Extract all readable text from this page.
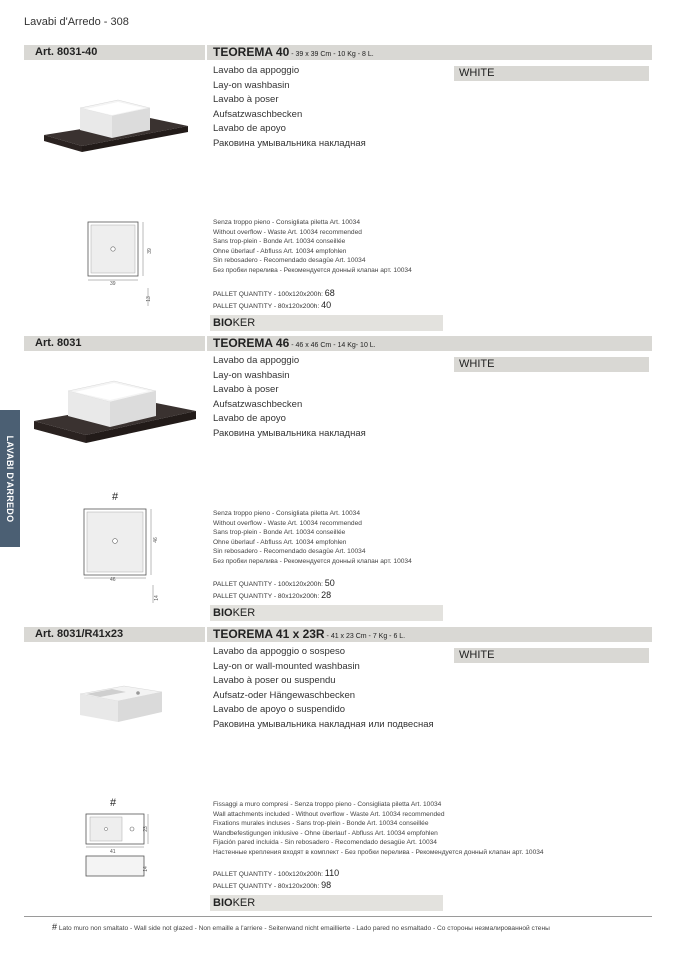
Lavabi d'Arredo - 308
LAVABI D'ARREDO
Art. 8031-40	TEOREMA 40 - 39 x 39 Cm - 10 Kg - 8 L.
WHITE
Lavabo da appoggio
Lay-on washbasin
Lavabo à poser
Aufsatzwaschbecken
Lavabo de apoyo
Раковина умывальника накладная
39
39
13
Senza troppo pieno - Consigliata piletta Art. 10034
Without overflow - Waste Art. 10034 recommended
Sans trop-plein - Bonde Art. 10034 conseillée
Ohne überlauf - Abfluss Art. 10034 empfohlen
Sin rebosadero - Recomendado desagüe Art. 10034
Без пробки перелива - Рекомендуется донный клапан арт. 10034
PALLET QUANTITY - 100x120x200h: 68
PALLET QUANTITY - 80x120x200h: 40
BIOKER
Art. 8031	TEOREMA 46 - 46 x 46 Cm - 14 Kg- 10 L.
WHITE
Lavabo da appoggio
Lay-on washbasin
Lavabo à poser
Aufsatzwaschbecken
Lavabo de apoyo
Раковина умывальника накладная
#
46
46
14
Senza troppo pieno - Consigliata piletta Art. 10034
Without overflow - Waste Art. 10034 recommended
Sans trop-plein - Bonde Art. 10034 conseillée
Ohne überlauf - Abfluss Art. 10034 empfohlen
Sin rebosadero - Recomendado desagüe Art. 10034
Без пробки перелива - Рекомендуется донный клапан арт. 10034
PALLET QUANTITY - 100x120x200h: 50
PALLET QUANTITY - 80x120x200h: 28
BIOKER
Art. 8031/R41x23	TEOREMA 41 x 23R - 41 x 23 Cm - 7 Kg - 6 L.
WHITE
Lavabo da appoggio o sospeso
Lay-on or wall-mounted washbasin
Lavabo à poser ou suspendu
Aufsatz-oder Hängewaschbecken
Lavabo de apoyo o suspendido
Раковина умывальника накладная или подвесная
#
41
23
14
Fissaggi a muro compresi - Senza troppo pieno - Consigliata piletta Art. 10034
Wall attachments included - Without overflow - Waste Art. 10034 recommended
Fixations murales incluses - Sans trop-plein - Bonde Art. 10034 conseillée
Wandbefestigungen inklusive - Ohne überlauf - Abfluss Art. 10034 empfohlen
Fijación pared incluida - Sin rebosadero - Recomendado desagüe Art. 10034
Настенные крепления входят в комплект - Без пробки перелива - Рекомендуется донный клапан арт. 10034
PALLET QUANTITY - 100x120x200h: 110
PALLET QUANTITY - 80x120x200h: 98
BIOKER
# Lato muro non smaltato - Wall side not glazed - Non emaille a l'arriere - Seitenwand nicht emaillierte - Lado pared no esmaltado - Со стороны незмалированной стены
